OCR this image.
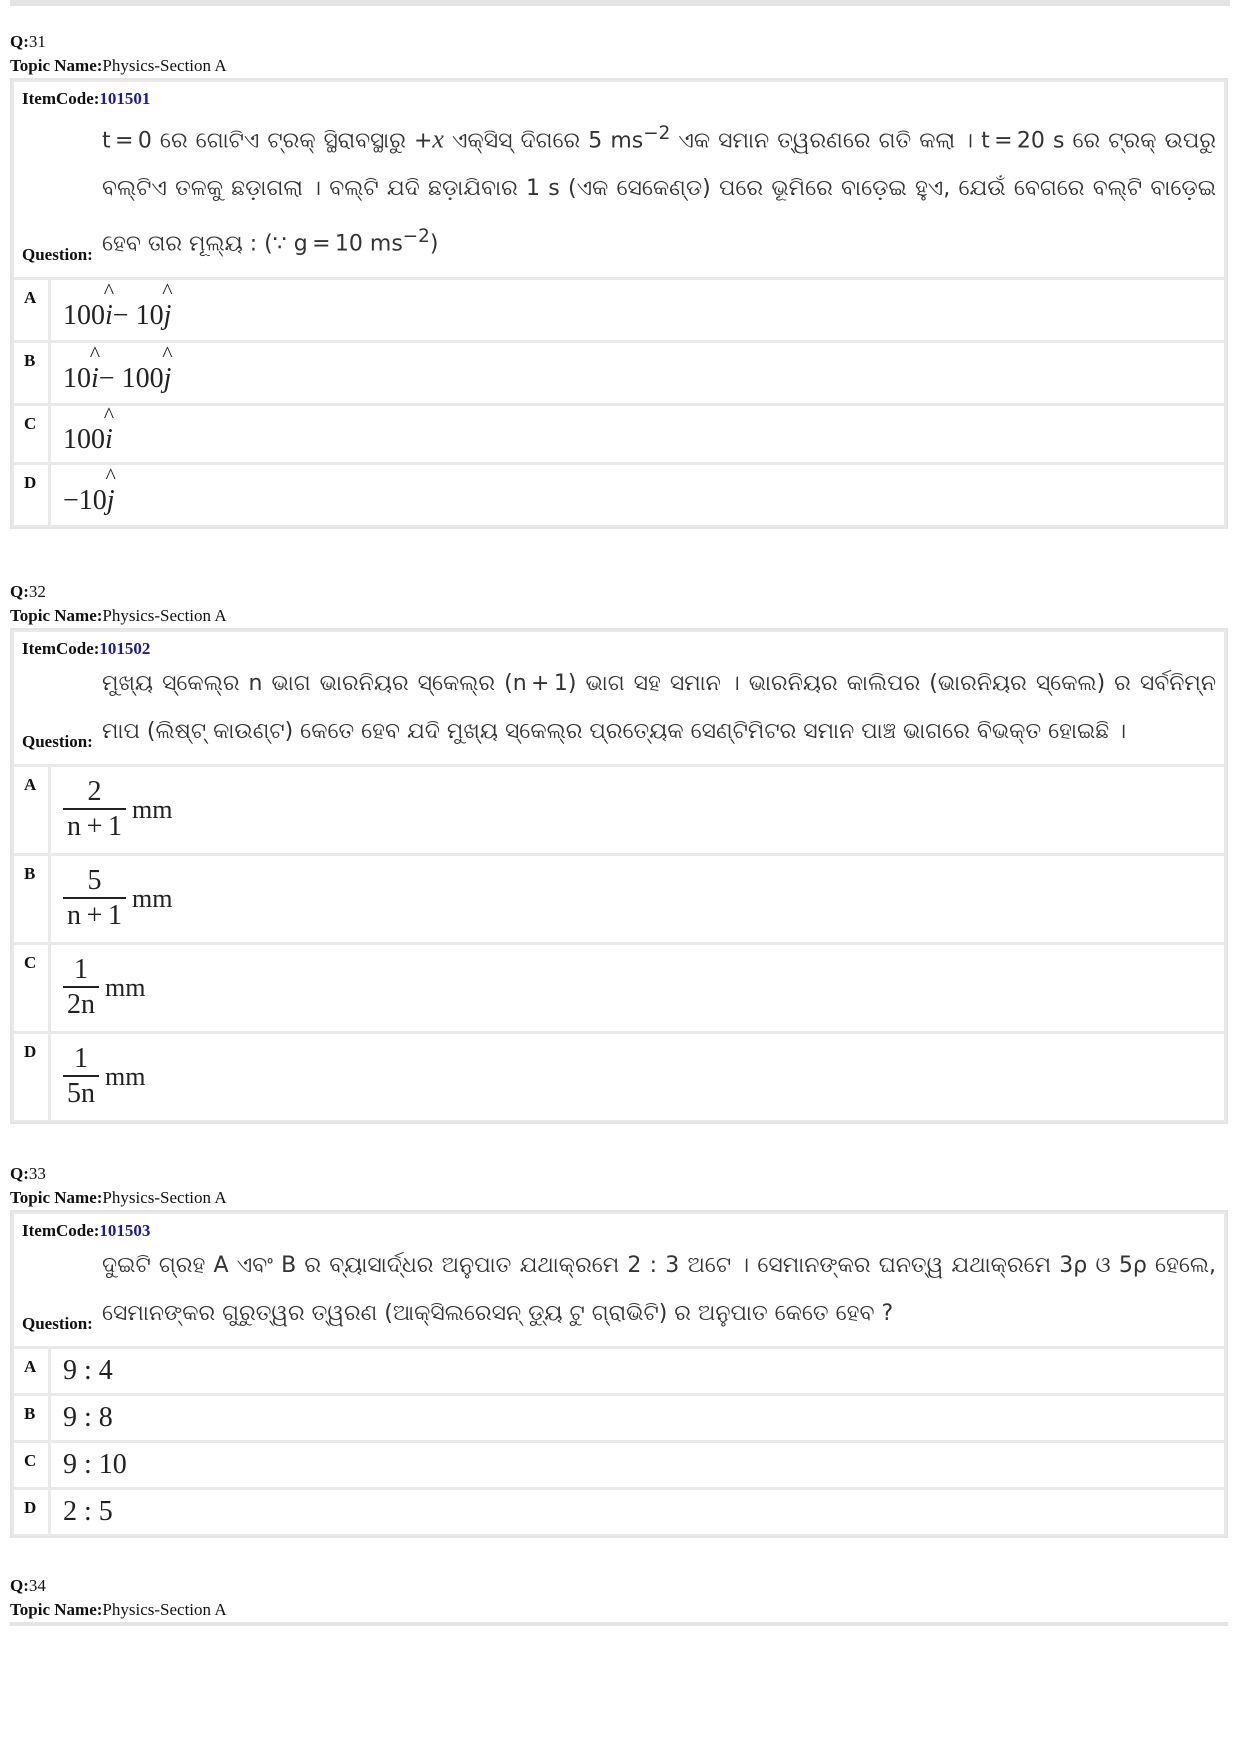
Q:31
Topic Name:Physics-Section A
ItemCode:101501
Question:
t = 0 ରେ ଗୋଟିଏ ଟ୍ରକ୍ ସ୍ଥିରାବସ୍ଥାରୁ +x ଏକ୍ସିସ୍ ଦିଗରେ 5 $ms^{-2}$ ଏକ ସମାନ ତ୍ୱରଣରେ ଗତି କଲା । t = 20 s ରେ ଟ୍ରକ୍ ଉପରୁ ବଲ୍‌ଟିଏ ତଳକୁ ଛଡ଼ାଗଲା । ବଲ୍‌ଟି ଯଦି ଛଡ଼ାଯିବାର 1 s (ଏକ ସେକେଣ୍ଡ) ପରେ ଭୂମିରେ ବାଡ଼େଇ ହୁଏ, ଯେଉଁ ବେଗରେ ବଲ୍‌ଟି ବାଡ଼େଇ ହେବ ତାର ମୂଲ୍ୟ : (∵ g = 10 $ms^{-2}$)
A
100 ^ i − 10 ^ j
B
10 ^ i − 100 ^ j
C
100 ^ i
D
−10 ^ j
Q:32
Topic Name:Physics-Section A
ItemCode:101502
Question:
ମୁଖ୍ୟ ସ୍କେଲ୍‌ର n ଭାଗ ଭାରନିୟର ସ୍କେଲ୍‌ର (n + 1) ଭାଗ ସହ ସମାନ । ଭାରନିୟର କାଲିପର (ଭାରନିୟର ସ୍କେଲ) ର ସର୍ବନିମ୍ନ ମାପ (ଲିଷ୍ଟ୍ କାଉଣ୍ଟ) କେତେ ହେବ ଯଦି ମୁଖ୍ୟ ସ୍କେଲ୍‌ର ପ୍ରତ୍ୟେକ ସେଣ୍ଟିମିଟର ସମାନ ପାଞ୍ଚ ଭାଗରେ ବିଭକ୍ତ ହୋଇଛି ।
A $\frac{2}{n + 1}$ mm
B $\frac{5}{n + 1}$ mm
C $\frac{1}{2n}$ mm
D $\frac{1}{5n}$ mm
Q:33
Topic Name:Physics-Section A
ItemCode:101503
Question:
ଦୁଇଟି ଗ୍ରହ A ଏବଂ B ର ବ୍ୟାସାର୍ଦ୍ଧର ଅନୁପାତ ଯଥାକ୍ରମେ 2 : 3 ଅଟେ । ସେମାନଙ୍କର ଘନତ୍ୱ ଯଥାକ୍ରମେ 3ρ ଓ 5ρ ହେଲେ, ସେମାନଙ୍କର ଗୁରୁତ୍ୱର ତ୍ୱରଣ (ଆକ୍ସିଲରେସନ୍ ଡ୍ୟୁ ଟୁ ଗ୍ରାଭିଟି) ର ଅନୁପାତ କେତେ ହେବ ?
A 9 : 4
B 9 : 8
C 9 : 10
D 2 : 5
Q:34
Topic Name:Physics-Section A
